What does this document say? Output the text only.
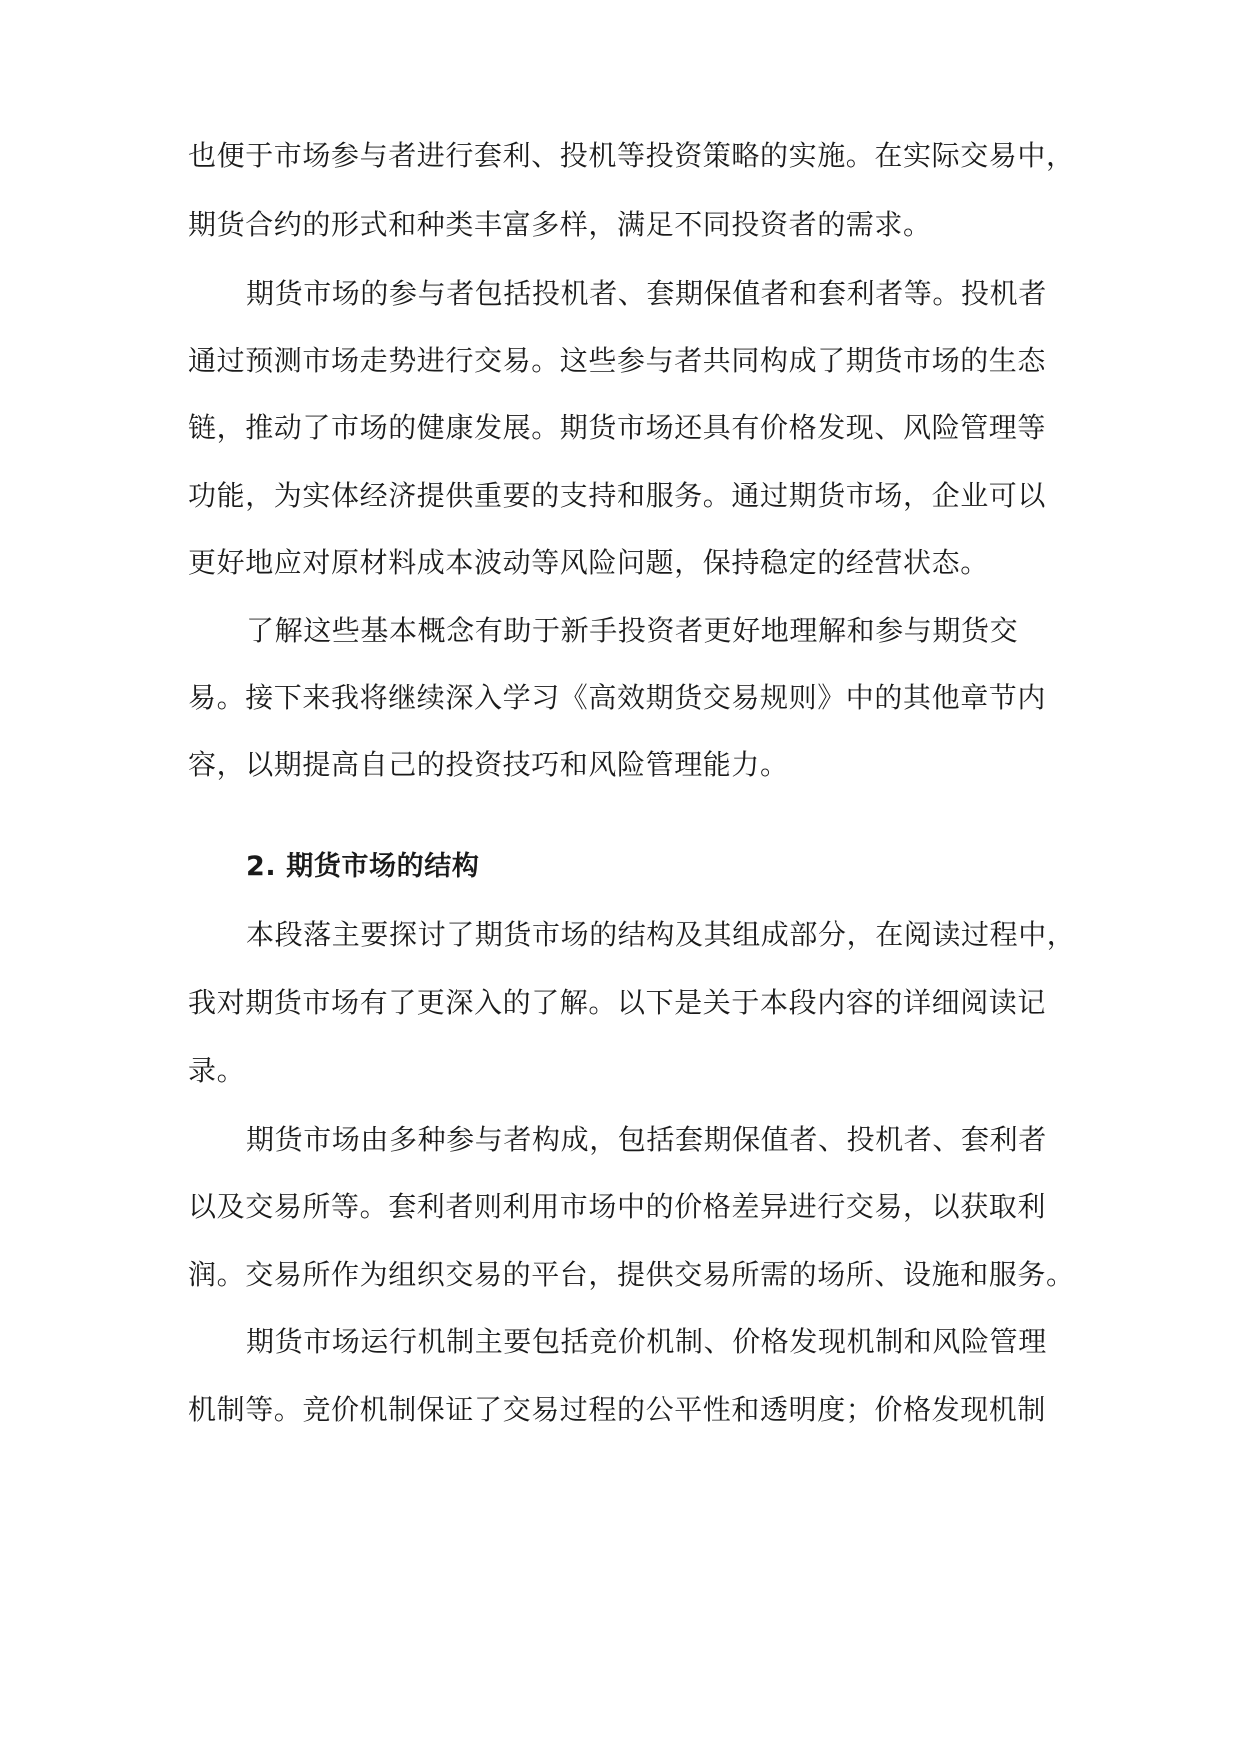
也便于市场参与者进行套利、投机等投资策略的实施。在实际交易中，
期货合约的形式和种类丰富多样，满足不同投资者的需求。
期货市场的参与者包括投机者、套期保值者和套利者等。投机者
通过预测市场走势进行交易。这些参与者共同构成了期货市场的生态
链，推动了市场的健康发展。期货市场还具有价格发现、风险管理等
功能，为实体经济提供重要的支持和服务。通过期货市场，企业可以
更好地应对原材料成本波动等风险问题，保持稳定的经营状态。
了解这些基本概念有助于新手投资者更好地理解和参与期货交
易。接下来我将继续深入学习《高效期货交易规则》中的其他章节内
容，以期提高自己的投资技巧和风险管理能力。
2. 期货市场的结构
本段落主要探讨了期货市场的结构及其组成部分，在阅读过程中，
我对期货市场有了更深入的了解。以下是关于本段内容的详细阅读记
录。
期货市场由多种参与者构成，包括套期保值者、投机者、套利者
以及交易所等。套利者则利用市场中的价格差异进行交易，以获取利
润。交易所作为组织交易的平台，提供交易所需的场所、设施和服务。
期货市场运行机制主要包括竞价机制、价格发现机制和风险管理
机制等。竞价机制保证了交易过程的公平性和透明度；价格发现机制
